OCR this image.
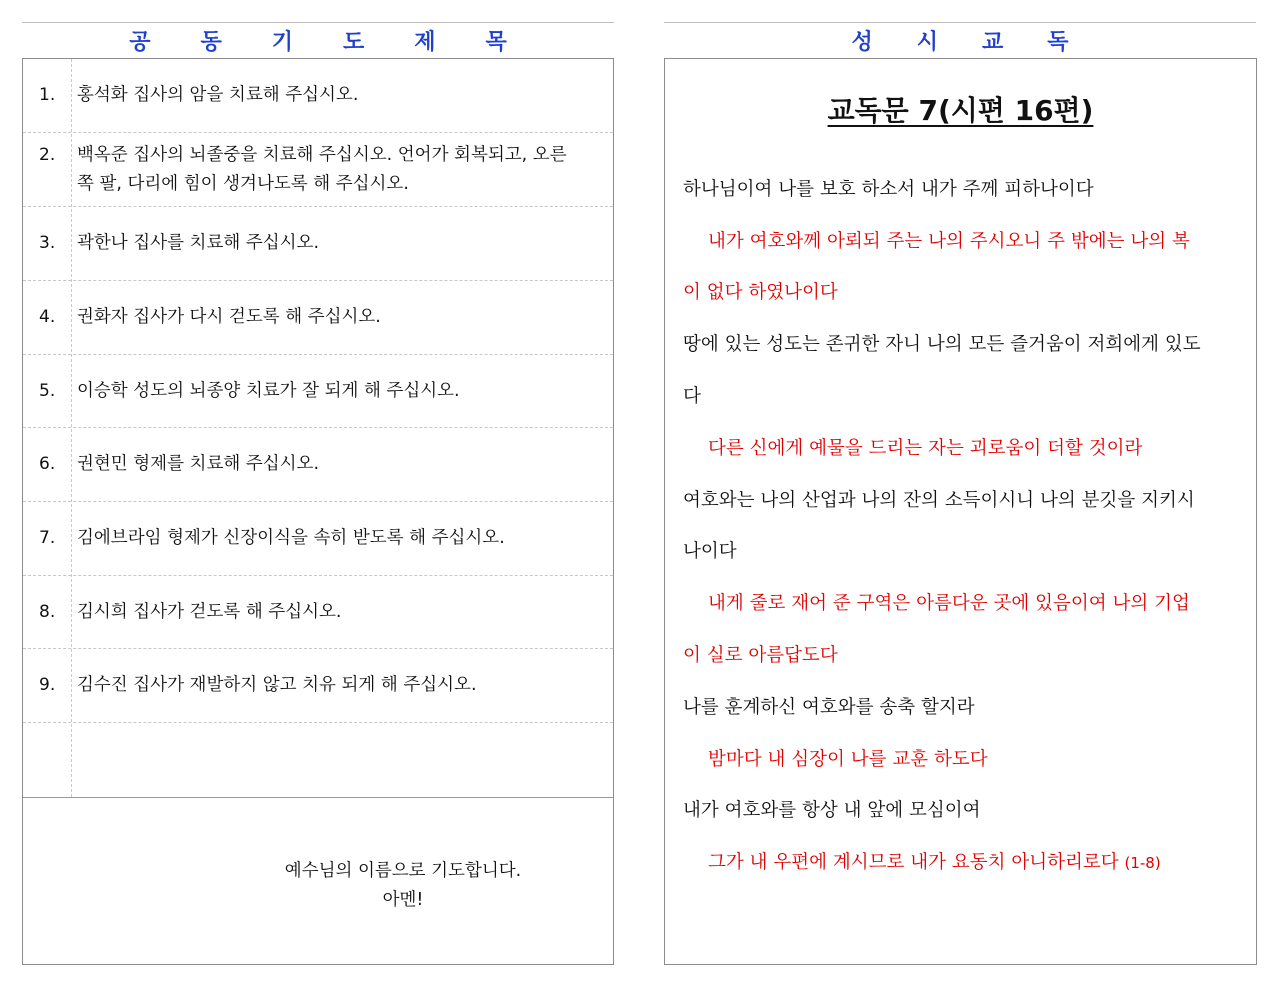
공 동 기 도 제 목	성 시 교 독
1. 홍석화 집사의 암을 치료해 주십시오.
2. 백옥준 집사의 뇌졸중을 치료해 주십시오. 언어가 회복되고, 오른쪽 팔, 다리에 힘이 생겨나도록 해 주십시오.
3. 곽한나 집사를 치료해 주십시오.
4. 권화자 집사가 다시 걷도록 해 주십시오.
5. 이승학 성도의 뇌종양 치료가 잘 되게 해 주십시오.
6. 권현민 형제를 치료해 주십시오.
7. 김에브라임 형제가 신장이식을 속히 받도록 해 주십시오.
8. 김시희 집사가 걷도록 해 주십시오.
9. 김수진 집사가 재발하지 않고 치유 되게 해 주십시오.
예수님의 이름으로 기도합니다.
아멘!
교독문 7(시편 16편)
하나님이여 나를 보호 하소서 내가 주께 피하나이다
내가 여호와께 아뢰되 주는 나의 주시오니 주 밖에는 나의 복
이 없다 하였나이다
땅에 있는 성도는 존귀한 자니 나의 모든 즐거움이 저희에게 있도
다
다른 신에게 예물을 드리는 자는 괴로움이 더할 것이라
여호와는 나의 산업과 나의 잔의 소득이시니 나의 분깃을 지키시
나이다
내게 줄로 재어 준 구역은 아름다운 곳에 있음이여 나의 기업
이 실로 아름답도다
나를 훈계하신 여호와를 송축 할지라
밤마다 내 심장이 나를 교훈 하도다
내가 여호와를 항상 내 앞에 모심이여
그가 내 우편에 계시므로 내가 요동치 아니하리로다 (1-8)
